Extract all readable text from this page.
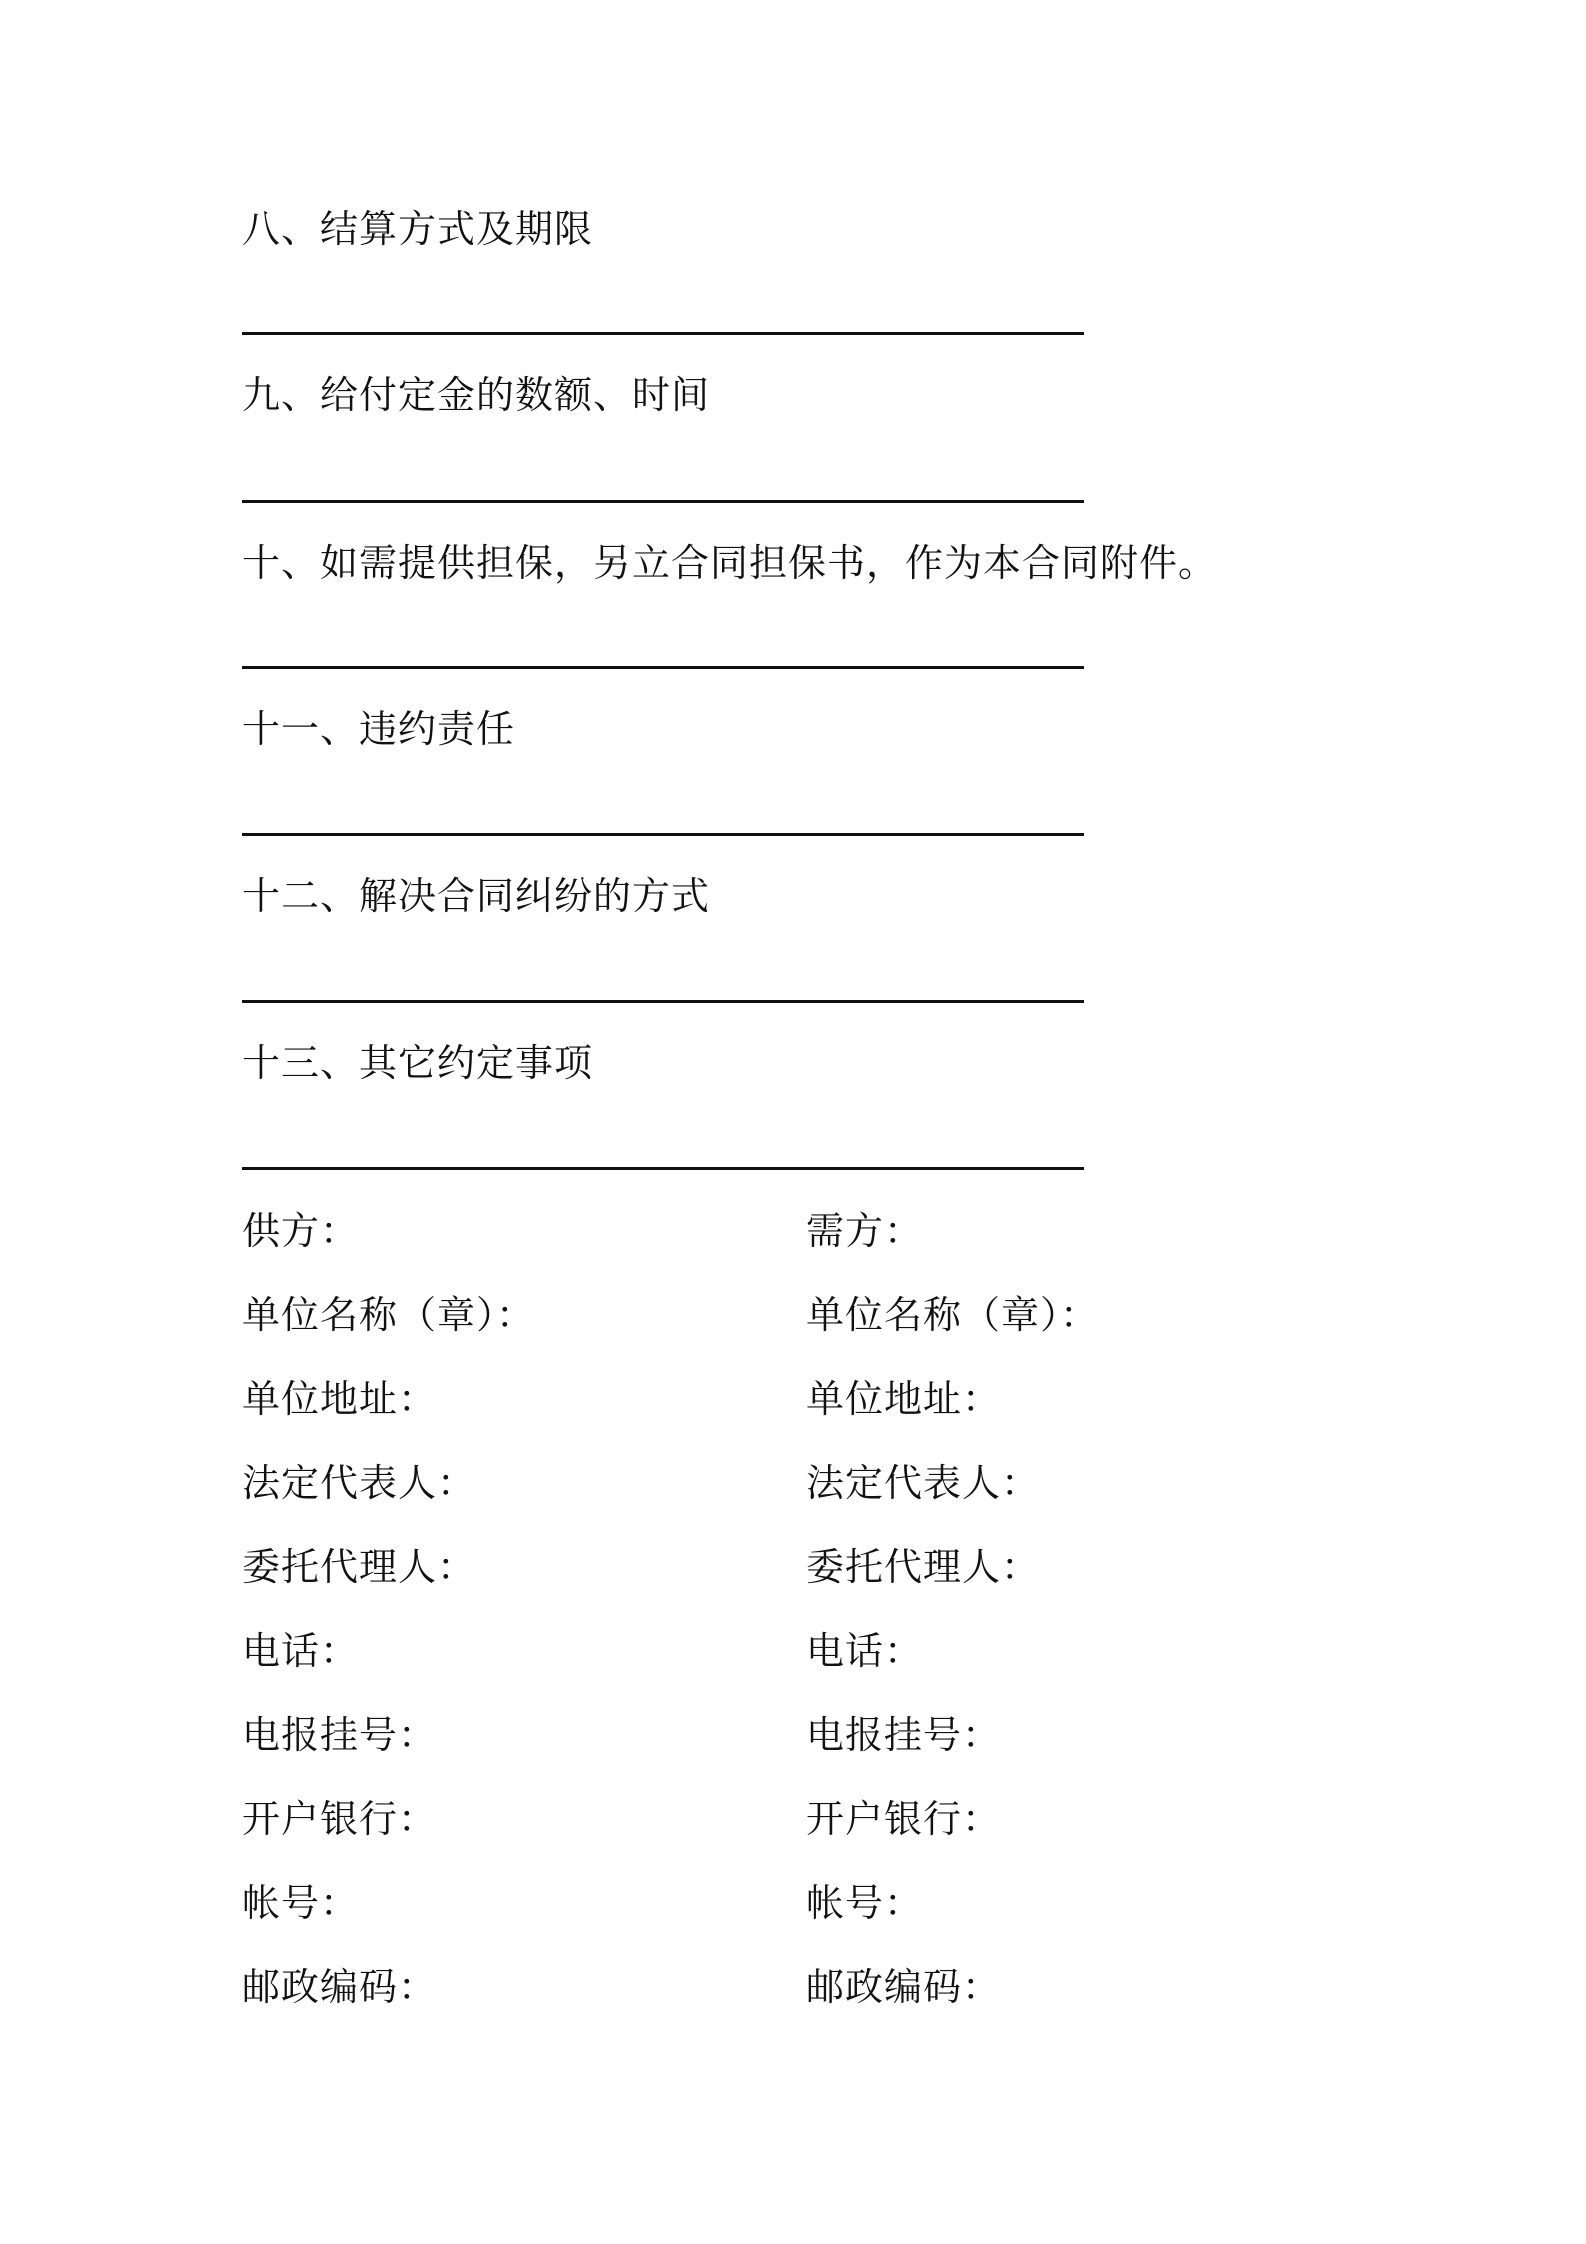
八、结算方式及期限
九、给付定金的数额、时间
十、如需提供担保，另立合同担保书，作为本合同附件。
十一、违约责任
十二、解决合同纠纷的方式
十三、其它约定事项
供方：	需方：
单位名称（章）：	单位名称（章）：
单位地址：	单位地址：
法定代表人：	法定代表人：
委托代理人：	委托代理人：
电话：	电话：
电报挂号：	电报挂号：
开户银行：	开户银行：
帐号：	帐号：
邮政编码：	邮政编码：
